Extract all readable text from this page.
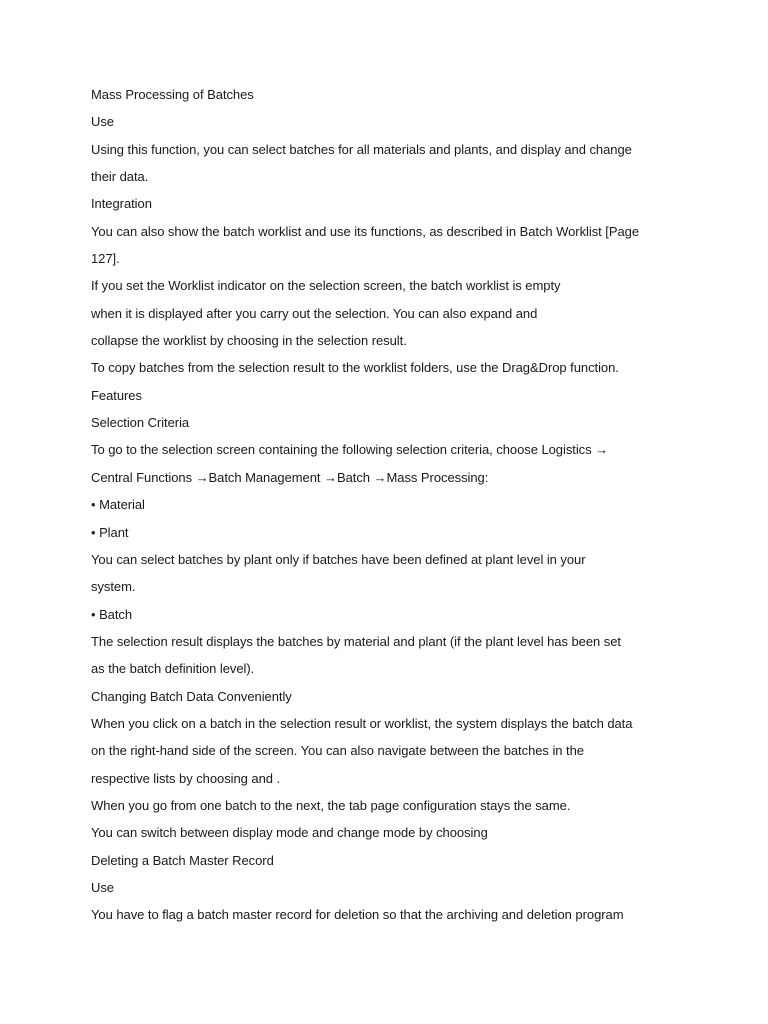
Mass Processing of Batches
Use
Using this function, you can select batches for all materials and plants, and display and change
their data.
Integration
You can also show the batch worklist and use its functions, as described in Batch Worklist [Page
127].
If you set the Worklist indicator on the selection screen, the batch worklist is empty
when it is displayed after you carry out the selection. You can also expand and
collapse the worklist by choosing in the selection result.
To copy batches from the selection result to the worklist folders, use the Drag&Drop function.
Features
Selection Criteria
To go to the selection screen containing the following selection criteria, choose Logistics →
Central Functions →Batch Management →Batch →Mass Processing:
• Material
• Plant
You can select batches by plant only if batches have been defined at plant level in your
system.
• Batch
The selection result displays the batches by material and plant (if the plant level has been set
as the batch definition level).
Changing Batch Data Conveniently
When you click on a batch in the selection result or worklist, the system displays the batch data
on the right-hand side of the screen. You can also navigate between the batches in the
respective lists by choosing and .
When you go from one batch to the next, the tab page configuration stays the same.
You can switch between display mode and change mode by choosing
Deleting a Batch Master Record
Use
You have to flag a batch master record for deletion so that the archiving and deletion program
